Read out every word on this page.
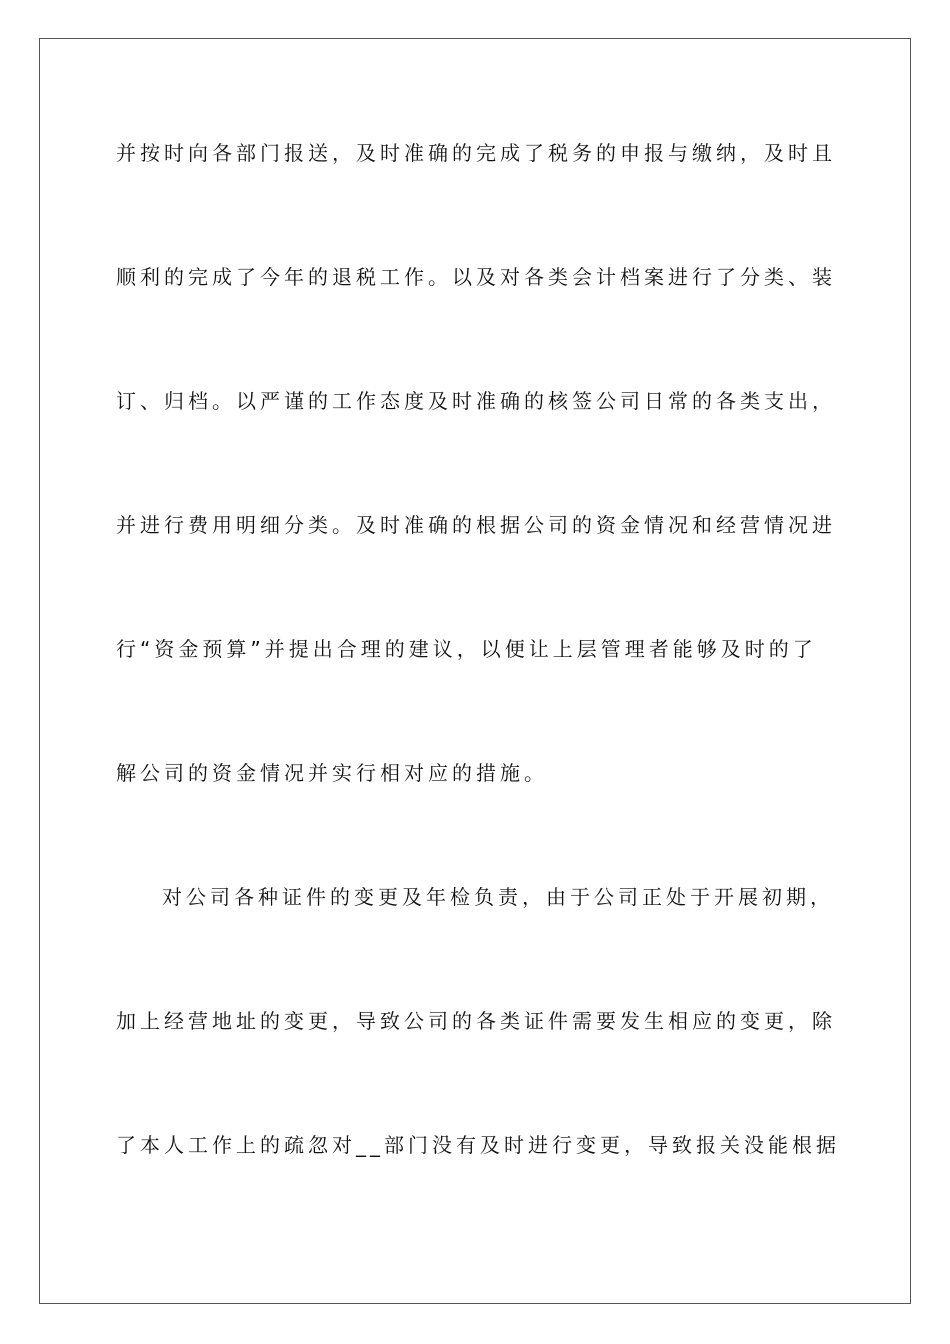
并按时向各部门报送，及时准确的完成了税务的申报与缴纳，及时且

顺利的完成了今年的退税工作。以及对各类会计档案进行了分类、装

订、归档。以严谨的工作态度及时准确的核签公司日常的各类支出，

并进行费用明细分类。及时准确的根据公司的资金情况和经营情况进

行“资金预算”并提出合理的建议，以便让上层管理者能够及时的了

解公司的资金情况并实行相对应的措施。

对公司各种证件的变更及年检负责，由于公司正处于开展初期，

加上经营地址的变更，导致公司的各类证件需要发生相应的变更，除

了本人工作上的疏忽对__部门没有及时进行变更，导致报关没能根据
